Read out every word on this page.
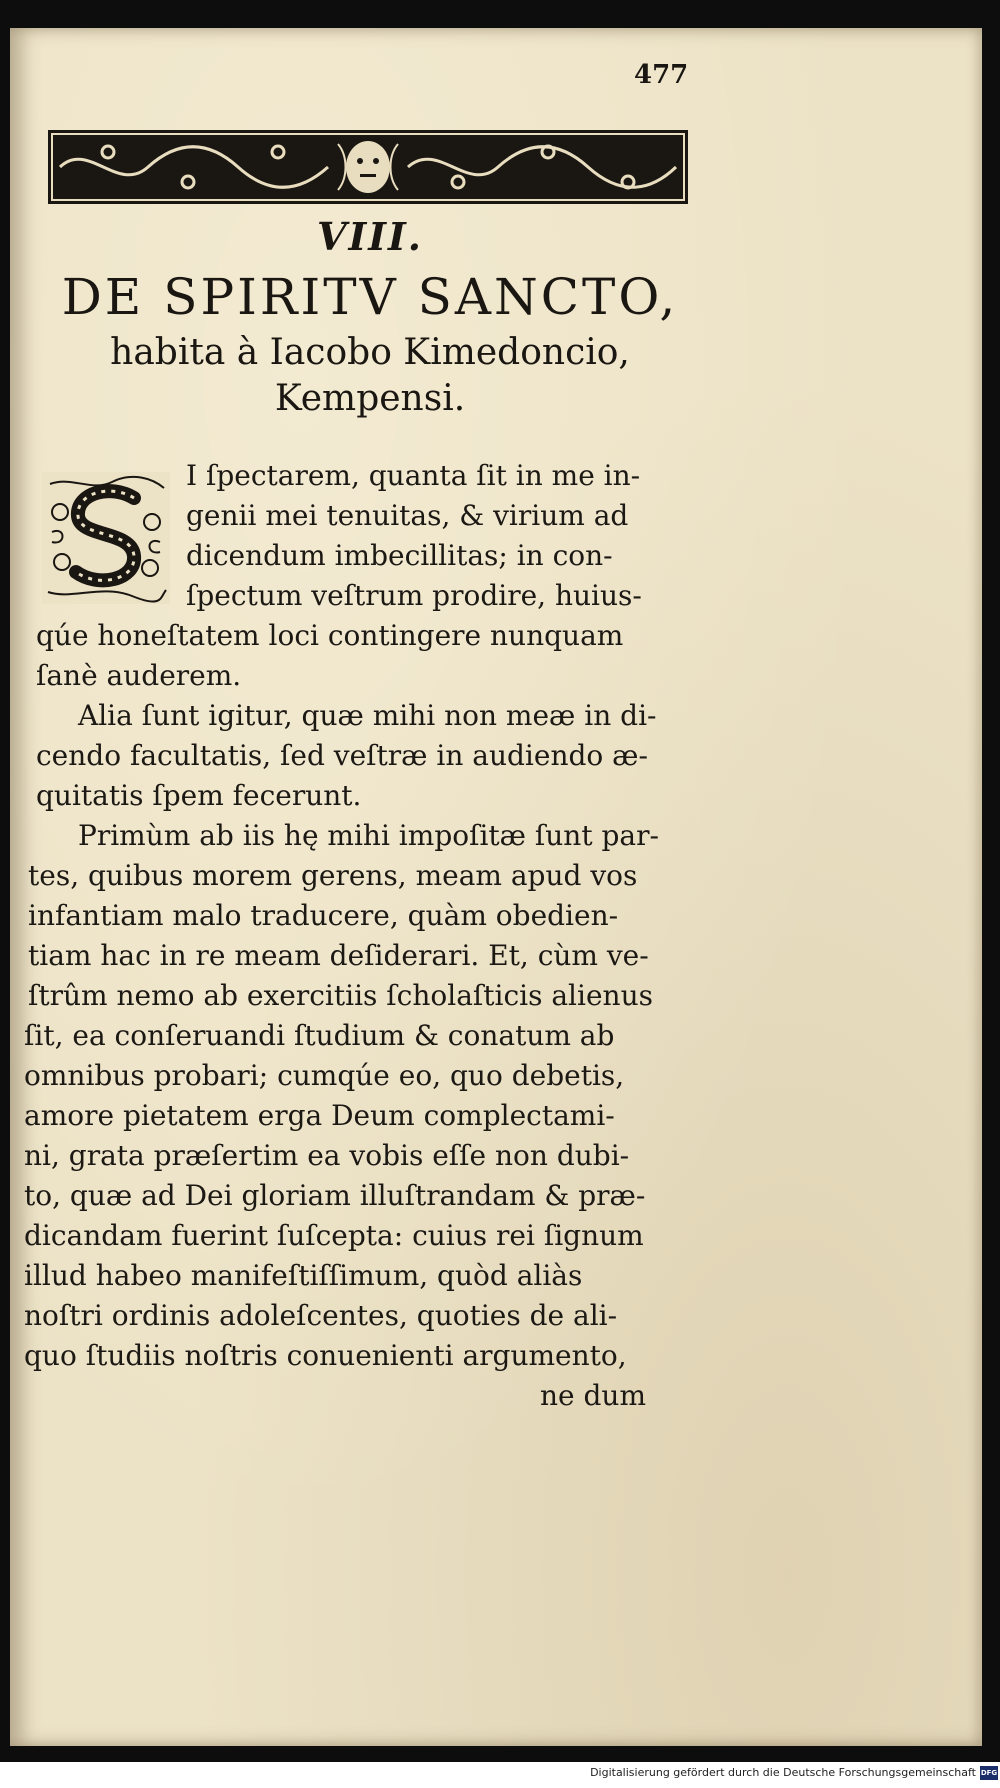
477
VIII.
DE SPIRITV SANCTO,
habita à Iacobo Kimedoncio,
Kempensi.
I ſpectarem, quanta ſit in me in-
genii mei tenuitas, & virium ad
dicendum imbecillitas; in con-
ſpectum veſtrum prodire, huius-
qúe honeſtatem loci contingere nunquam
ſanè auderem.
Alia ſunt igitur, quæ mihi non meæ in di-
cendo facultatis, ſed veſtræ in audiendo æ-
quitatis ſpem fecerunt.
Primùm ab iis hę mihi impoſitæ ſunt par-
tes, quibus morem gerens, meam apud vos
infantiam malo traducere, quàm obedien-
tiam hac in re meam deſiderari. Et, cùm ve-
ſtrûm nemo ab exercitiis ſcholaſticis alienus
ſit, ea conſeruandi ſtudium & conatum ab
omnibus probari; cumqúe eo, quo debetis,
amore pietatem erga Deum complectami-
ni, grata præſertim ea vobis eſſe non dubi-
to, quæ ad Dei gloriam illuſtrandam & præ-
dicandam fuerint ſuſcepta: cuius rei ſignum
illud habeo manifeſtiſſimum, quòd aliàs
noſtri ordinis adoleſcentes, quoties de ali-
quo ſtudiis noſtris conuenienti argumento,
ne dum
Digitalisierung gefördert durch die Deutsche Forschungsgemeinschaft DFG
